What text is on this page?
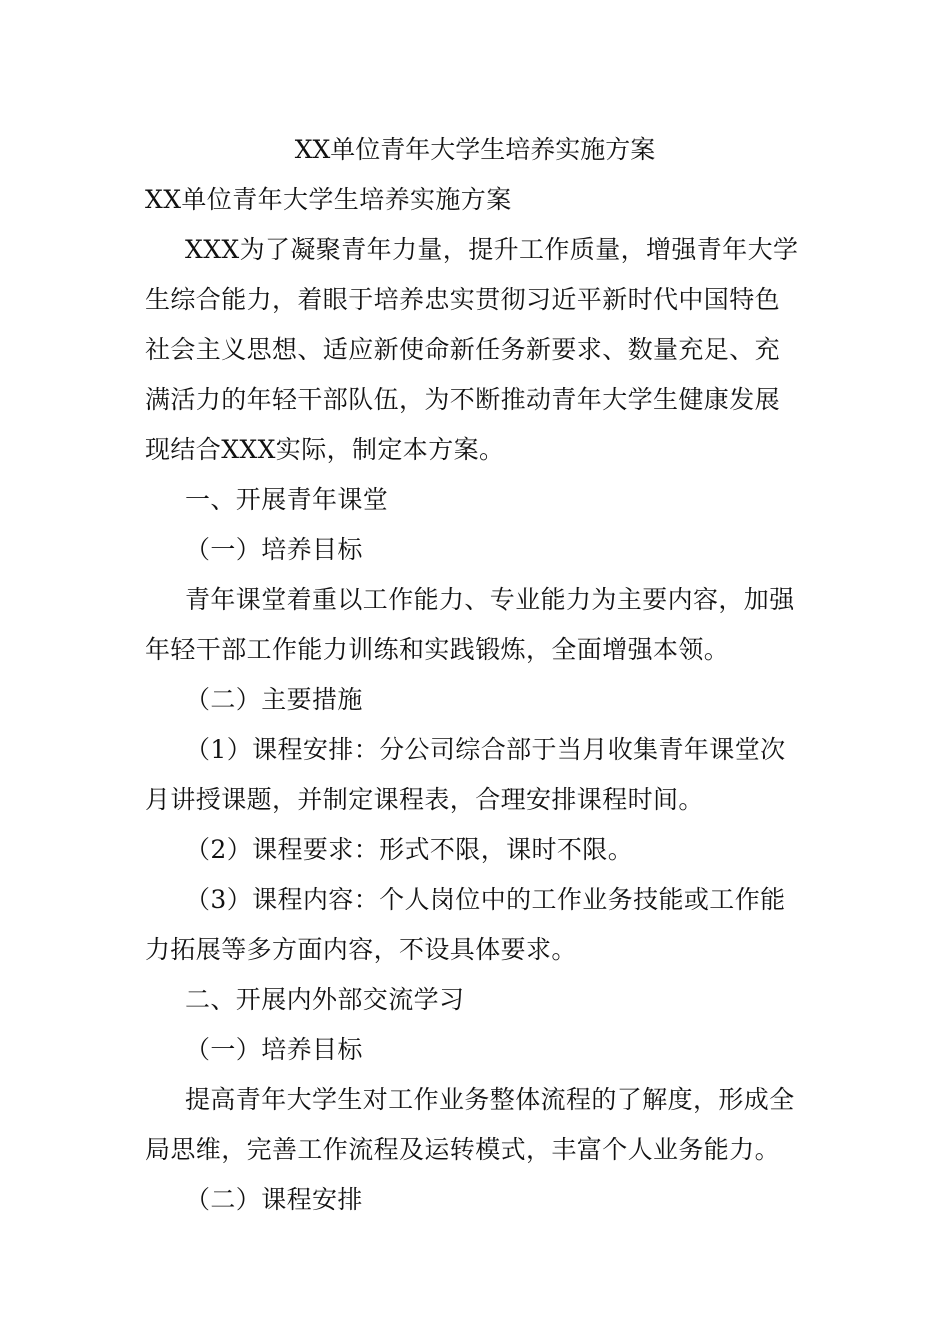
XX单位青年大学生培养实施方案
XX单位青年大学生培养实施方案
XXX为了凝聚青年力量，提升工作质量，增强青年大学
生综合能力，着眼于培养忠实贯彻习近平新时代中国特色
社会主义思想、适应新使命新任务新要求、数量充足、充
满活力的年轻干部队伍，为不断推动青年大学生健康发展
现结合XXX实际，制定本方案。
一、开展青年课堂
（一）培养目标
青年课堂着重以工作能力、专业能力为主要内容，加强
年轻干部工作能力训练和实践锻炼，全面增强本领。
（二）主要措施
（1）课程安排：分公司综合部于当月收集青年课堂次
月讲授课题，并制定课程表，合理安排课程时间。
（2）课程要求：形式不限，课时不限。
（3）课程内容：个人岗位中的工作业务技能或工作能
力拓展等多方面内容，不设具体要求。
二、开展内外部交流学习
（一）培养目标
提高青年大学生对工作业务整体流程的了解度，形成全
局思维，完善工作流程及运转模式，丰富个人业务能力。
（二）课程安排
